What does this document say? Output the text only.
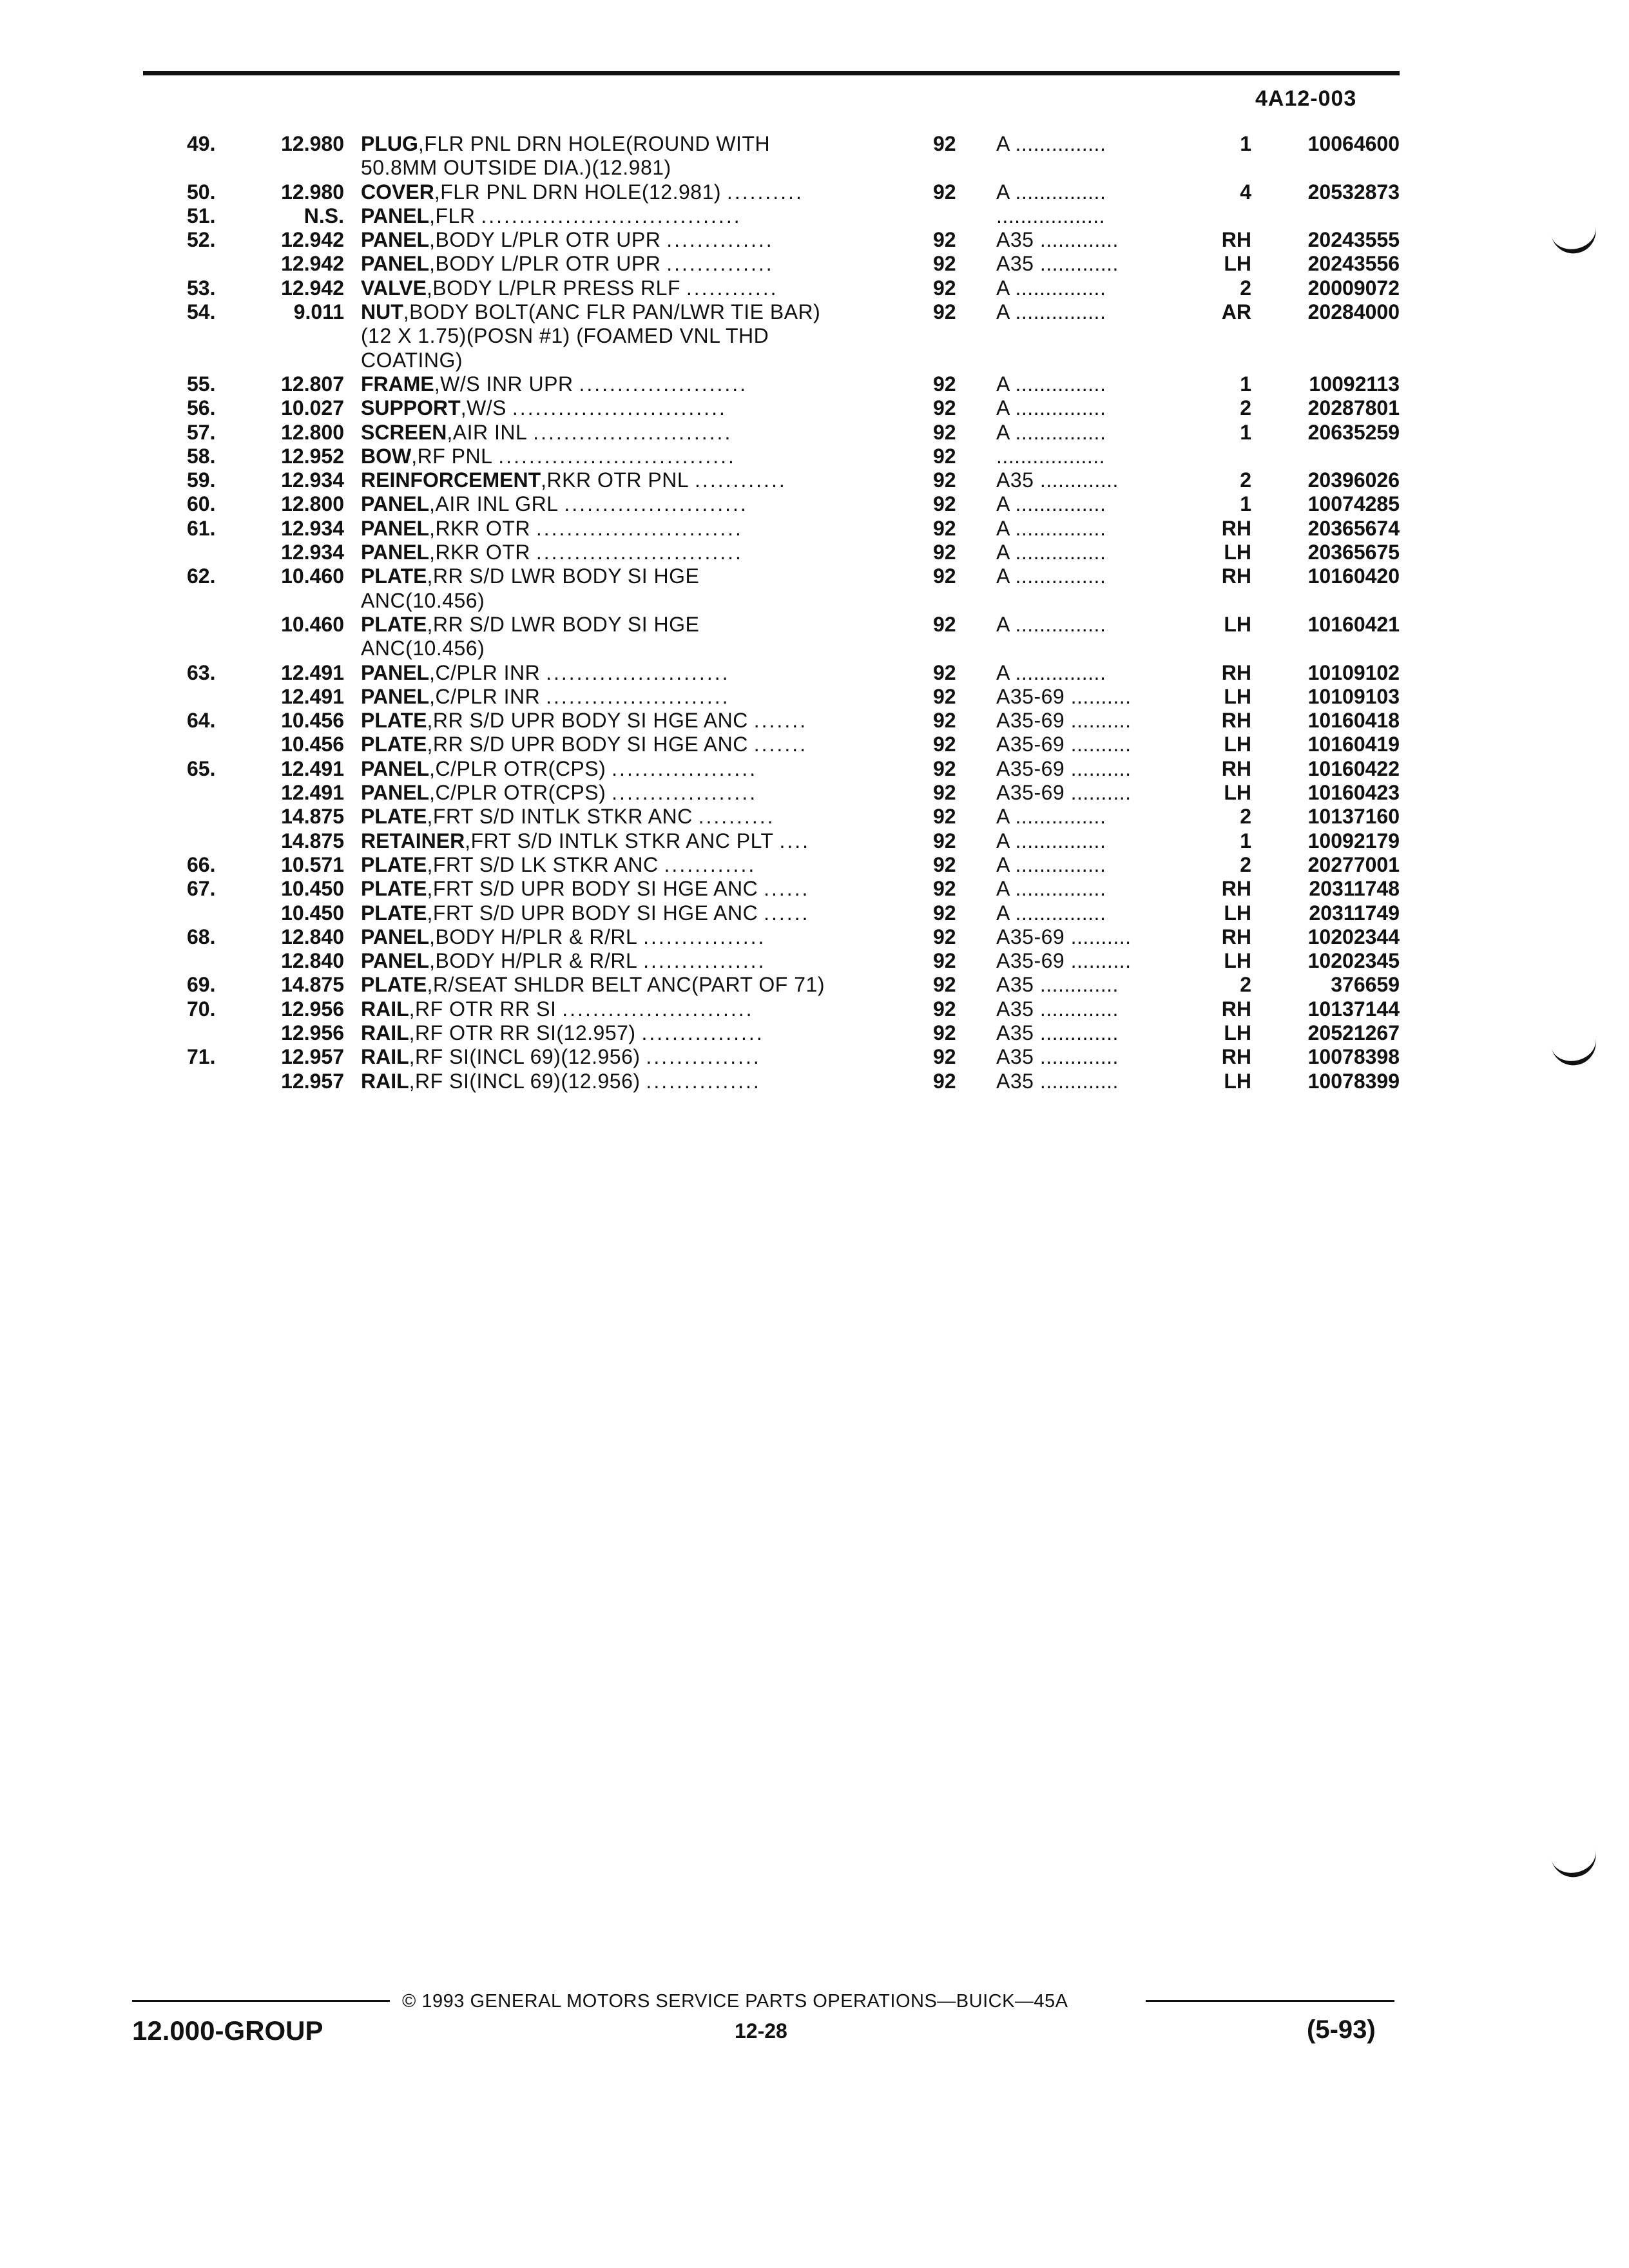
4A12-003
49.	12.980 PLUG,FLR PNL DRN HOLE(ROUND WITH	92	A ...............	1	10064600
50.8MM OUTSIDE DIA.)(12.981)
50.	12.980 COVER,FLR PNL DRN HOLE(12.981) ..........	92	A ...............	4	20532873
51.	N.S. PANEL,FLR ..................................	..................
52.	12.942 PANEL,BODY L/PLR OTR UPR ..............	92	A35 .............	RH	20243555
12.942 PANEL,BODY L/PLR OTR UPR ..............	92	A35 .............	LH	20243556
53.	12.942 VALVE,BODY L/PLR PRESS RLF ............	92	A ...............	2	20009072
54.	9.011 NUT,BODY BOLT(ANC FLR PAN/LWR TIE BAR)	92	A ...............	AR	20284000
(12 X 1.75)(POSN #1) (FOAMED VNL THD
COATING)
55.	12.807 FRAME,W/S INR UPR ......................	92	A ...............	1	10092113
56.	10.027 SUPPORT,W/S ............................	92	A ...............	2	20287801
57.	12.800 SCREEN,AIR INL ..........................	92	A ...............	1	20635259
58.	12.952 BOW,RF PNL ...............................	92	..................
59.	12.934 REINFORCEMENT,RKR OTR PNL ............	92	A35 .............	2	20396026
60.	12.800 PANEL,AIR INL GRL ........................	92	A ...............	1	10074285
61.	12.934 PANEL,RKR OTR ...........................	92	A ...............	RH	20365674
12.934 PANEL,RKR OTR ...........................	92	A ...............	LH	20365675
62.	10.460 PLATE,RR S/D LWR BODY SI HGE	92	A ...............	RH	10160420
ANC(10.456)
10.460 PLATE,RR S/D LWR BODY SI HGE	92	A ...............	LH	10160421
ANC(10.456)
63.	12.491 PANEL,C/PLR INR ........................	92	A ...............	RH	10109102
12.491 PANEL,C/PLR INR ........................	92	A35-69 ..........	LH	10109103
64.	10.456 PLATE,RR S/D UPR BODY SI HGE ANC .......	92	A35-69 ..........	RH	10160418
10.456 PLATE,RR S/D UPR BODY SI HGE ANC .......	92	A35-69 ..........	LH	10160419
65.	12.491 PANEL,C/PLR OTR(CPS) ...................	92	A35-69 ..........	RH	10160422
12.491 PANEL,C/PLR OTR(CPS) ...................	92	A35-69 ..........	LH	10160423
14.875 PLATE,FRT S/D INTLK STKR ANC ..........	92	A ...............	2	10137160
14.875 RETAINER,FRT S/D INTLK STKR ANC PLT ....	92	A ...............	1	10092179
66.	10.571 PLATE,FRT S/D LK STKR ANC ............	92	A ...............	2	20277001
67.	10.450 PLATE,FRT S/D UPR BODY SI HGE ANC ......	92	A ...............	RH	20311748
10.450 PLATE,FRT S/D UPR BODY SI HGE ANC ......	92	A ...............	LH	20311749
68.	12.840 PANEL,BODY H/PLR & R/RL ................	92	A35-69 ..........	RH	10202344
12.840 PANEL,BODY H/PLR & R/RL ................	92	A35-69 ..........	LH	10202345
69.	14.875 PLATE,R/SEAT SHLDR BELT ANC(PART OF 71)	92	A35 .............	2	376659
70.	12.956 RAIL,RF OTR RR SI .........................	92	A35 .............	RH	10137144
12.956 RAIL,RF OTR RR SI(12.957) ................	92	A35 .............	LH	20521267
71.	12.957 RAIL,RF SI(INCL 69)(12.956) ...............	92	A35 .............	RH	10078398
12.957 RAIL,RF SI(INCL 69)(12.956) ...............	92	A35 .............	LH	10078399
© 1993 GENERAL MOTORS SERVICE PARTS OPERATIONS—BUICK—45A
12.000-GROUP	12-28	(5-93)
